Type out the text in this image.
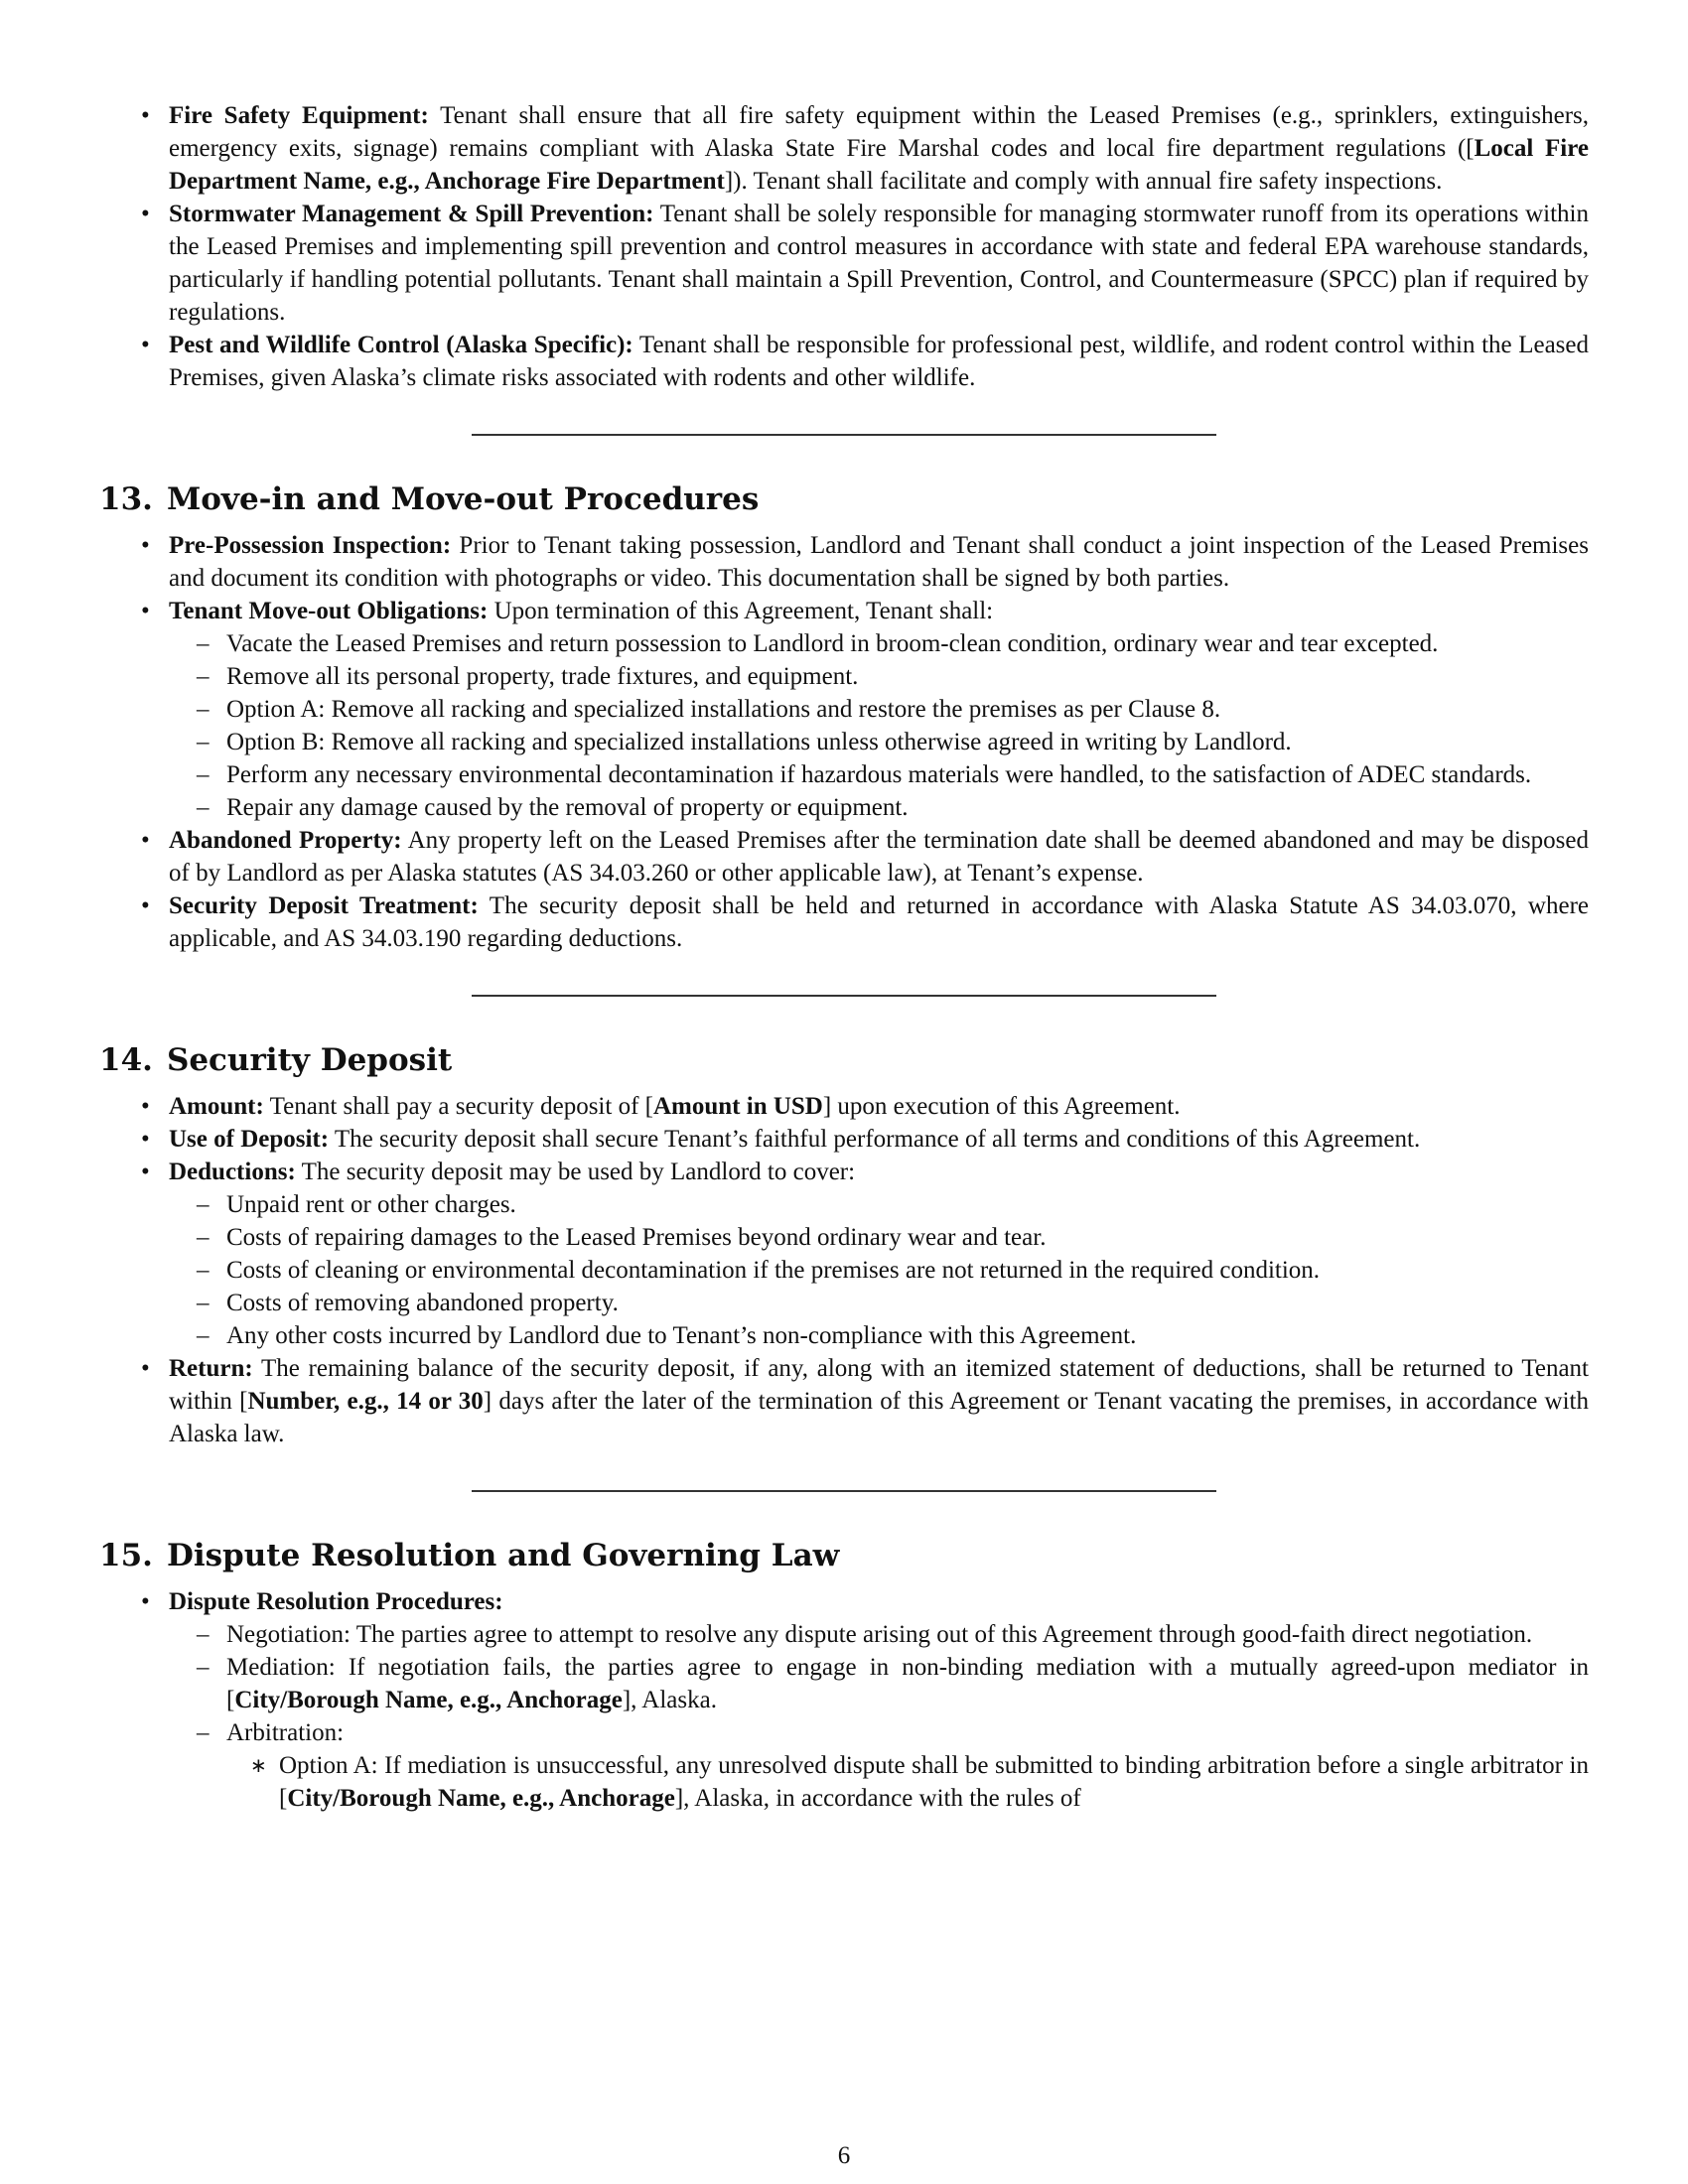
• Fire Safety Equipment: Tenant shall ensure that all fire safety equipment within the Leased Premises (e.g., sprinklers, extinguishers, emergency exits, signage) remains compliant with Alaska State Fire Marshal codes and local fire department regulations ([Local Fire Department Name, e.g., Anchorage Fire Department]). Tenant shall facilitate and comply with annual fire safety inspections.
• Stormwater Management & Spill Prevention: Tenant shall be solely responsible for managing stormwater runoff from its operations within the Leased Premises and implementing spill prevention and control measures in accordance with state and federal EPA warehouse standards, particularly if handling potential pollutants. Tenant shall maintain a Spill Prevention, Control, and Countermeasure (SPCC) plan if required by regulations.
• Pest and Wildlife Control (Alaska Specific): Tenant shall be responsible for professional pest, wildlife, and rodent control within the Leased Premises, given Alaska’s climate risks associated with rodents and other wildlife.
13. Move-in and Move-out Procedures
• Pre-Possession Inspection: Prior to Tenant taking possession, Landlord and Tenant shall conduct a joint inspection of the Leased Premises and document its condition with photographs or video. This documentation shall be signed by both parties.
• Tenant Move-out Obligations: Upon termination of this Agreement, Tenant shall:
– Vacate the Leased Premises and return possession to Landlord in broom-clean condition, ordinary wear and tear excepted.
– Remove all its personal property, trade fixtures, and equipment.
– Option A: Remove all racking and specialized installations and restore the premises as per Clause 8.
– Option B: Remove all racking and specialized installations unless otherwise agreed in writing by Landlord.
– Perform any necessary environmental decontamination if hazardous materials were handled, to the satisfaction of ADEC standards.
– Repair any damage caused by the removal of property or equipment.
• Abandoned Property: Any property left on the Leased Premises after the termination date shall be deemed abandoned and may be disposed of by Landlord as per Alaska statutes (AS 34.03.260 or other applicable law), at Tenant’s expense.
• Security Deposit Treatment: The security deposit shall be held and returned in accordance with Alaska Statute AS 34.03.070, where applicable, and AS 34.03.190 regarding deductions.
14. Security Deposit
• Amount: Tenant shall pay a security deposit of [Amount in USD] upon execution of this Agreement.
• Use of Deposit: The security deposit shall secure Tenant’s faithful performance of all terms and conditions of this Agreement.
• Deductions: The security deposit may be used by Landlord to cover:
– Unpaid rent or other charges.
– Costs of repairing damages to the Leased Premises beyond ordinary wear and tear.
– Costs of cleaning or environmental decontamination if the premises are not returned in the required condition.
– Costs of removing abandoned property.
– Any other costs incurred by Landlord due to Tenant’s non-compliance with this Agreement.
• Return: The remaining balance of the security deposit, if any, along with an itemized statement of deductions, shall be returned to Tenant within [Number, e.g., 14 or 30] days after the later of the termination of this Agreement or Tenant vacating the premises, in accordance with Alaska law.
15. Dispute Resolution and Governing Law
• Dispute Resolution Procedures:
– Negotiation: The parties agree to attempt to resolve any dispute arising out of this Agreement through good-faith direct negotiation.
– Mediation: If negotiation fails, the parties agree to engage in non-binding mediation with a mutually agreed-upon mediator in [City/Borough Name, e.g., Anchorage], Alaska.
– Arbitration:
∗ Option A: If mediation is unsuccessful, any unresolved dispute shall be submitted to binding arbitration before a single arbitrator in [City/Borough Name, e.g., Anchorage], Alaska, in accordance with the rules of
6
